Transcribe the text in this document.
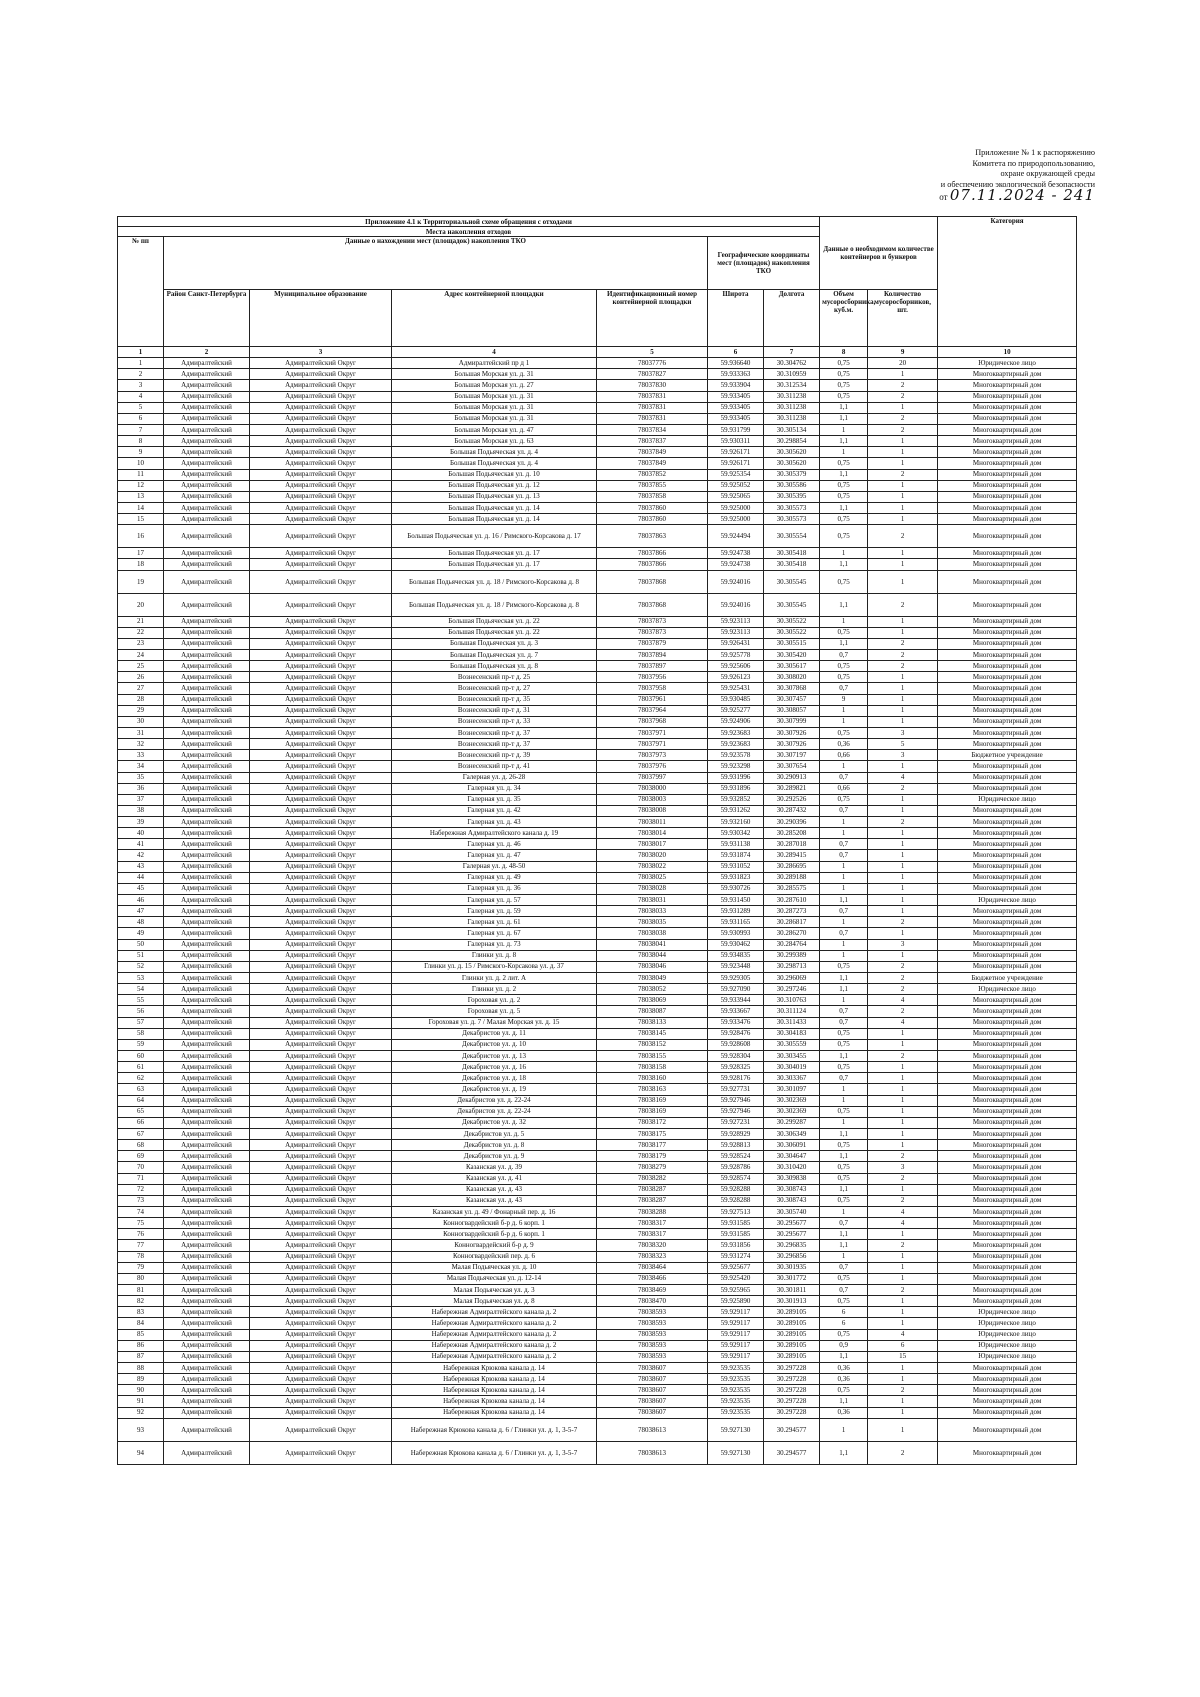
Приложение № 1 к распоряжению
Комитета по природопользованию,
охране окружающей среды
и обеспечению экологической безопасности
от 07.11.2024 - 241
Приложение 4.1 к Территориальной схеме обращения с отходами							Данные о необходимом количестве контейнеров и бункеров		Категория
Места накопления отходов									
№ пп	Данные о нахождении мест (площадок) накопления ТКО				Географические координаты мест (площадок) накопления ТКО				
	Район Санкт-Петербурга	Муниципальное образование	Адрес контейнерной площадки	Идентификационный номер контейнерной площадки	Широта	Долгота	Объем мусоросборника, куб.м.	Количество мусоросборников, шт.	
1	2	3	4	5	6	7	8	9	10
1	Адмиралтейский	Адмиралтейский Округ	Адмиралтейский пр д 1	78037776	59.936640	30.304762	0,75	20	Юридическое лицо
2	Адмиралтейский	Адмиралтейский Округ	Большая Морская ул. д. 31	78037827	59.933363	30.310959	0,75	1	Многоквартирный дом
3	Адмиралтейский	Адмиралтейский Округ	Большая Морская ул. д. 27	78037830	59.933904	30.312534	0,75	2	Многоквартирный дом
4	Адмиралтейский	Адмиралтейский Округ	Большая Морская ул. д. 31	78037831	59.933405	30.311238	0,75	2	Многоквартирный дом
5	Адмиралтейский	Адмиралтейский Округ	Большая Морская ул. д. 31	78037831	59.933405	30.311238	1,1	1	Многоквартирный дом
6	Адмиралтейский	Адмиралтейский Округ	Большая Морская ул. д. 31	78037831	59.933405	30.311238	1,1	2	Многоквартирный дом
7	Адмиралтейский	Адмиралтейский Округ	Большая Морская ул. д. 47	78037834	59.931799	30.305134	1	2	Многоквартирный дом
8	Адмиралтейский	Адмиралтейский Округ	Большая Морская ул. д. 63	78037837	59.930311	30.298854	1,1	1	Многоквартирный дом
9	Адмиралтейский	Адмиралтейский Округ	Большая Подьяческая ул. д. 4	78037849	59.926171	30.305620	1	1	Многоквартирный дом
10	Адмиралтейский	Адмиралтейский Округ	Большая Подьяческая ул. д. 4	78037849	59.926171	30.305620	0,75	1	Многоквартирный дом
11	Адмиралтейский	Адмиралтейский Округ	Большая Подьяческая ул. д. 10	78037852	59.925354	30.305379	1,1	2	Многоквартирный дом
12	Адмиралтейский	Адмиралтейский Округ	Большая Подьяческая ул. д. 12	78037855	59.925052	30.305586	0,75	1	Многоквартирный дом
13	Адмиралтейский	Адмиралтейский Округ	Большая Подьяческая ул. д. 13	78037858	59.925065	30.305395	0,75	1	Многоквартирный дом
14	Адмиралтейский	Адмиралтейский Округ	Большая Подьяческая ул. д. 14	78037860	59.925000	30.305573	1,1	1	Многоквартирный дом
15	Адмиралтейский	Адмиралтейский Округ	Большая Подьяческая ул. д. 14	78037860	59.925000	30.305573	0,75	1	Многоквартирный дом
16	Адмиралтейский	Адмиралтейский Округ	Большая Подьяческая ул. д. 16 / Римского-Корсакова д. 17	78037863	59.924494	30.305554	0,75	2	Многоквартирный дом
17	Адмиралтейский	Адмиралтейский Округ	Большая Подьяческая ул. д. 17	78037866	59.924738	30.305418	1	1	Многоквартирный дом
18	Адмиралтейский	Адмиралтейский Округ	Большая Подьяческая ул. д. 17	78037866	59.924738	30.305418	1,1	1	Многоквартирный дом
19	Адмиралтейский	Адмиралтейский Округ	Большая Подьяческая ул. д. 18 / Римского-Корсакова д. 8	78037868	59.924016	30.305545	0,75	1	Многоквартирный дом
20	Адмиралтейский	Адмиралтейский Округ	Большая Подьяческая ул. д. 18 / Римского-Корсакова д. 8	78037868	59.924016	30.305545	1,1	2	Многоквартирный дом
21	Адмиралтейский	Адмиралтейский Округ	Большая Подьяческая ул. д. 22	78037873	59.923113	30.305522	1	1	Многоквартирный дом
22	Адмиралтейский	Адмиралтейский Округ	Большая Подьяческая ул. д. 22	78037873	59.923113	30.305522	0,75	1	Многоквартирный дом
23	Адмиралтейский	Адмиралтейский Округ	Большая Подьяческая ул. д. 3	78037879	59.926431	30.305515	1,1	2	Многоквартирный дом
24	Адмиралтейский	Адмиралтейский Округ	Большая Подьяческая ул. д. 7	78037894	59.925778	30.305420	0,7	2	Многоквартирный дом
25	Адмиралтейский	Адмиралтейский Округ	Большая Подьяческая ул. д. 8	78037897	59.925606	30.305617	0,75	2	Многоквартирный дом
26	Адмиралтейский	Адмиралтейский Округ	Вознесенский пр-т д. 25	78037956	59.926123	30.308020	0,75	1	Многоквартирный дом
27	Адмиралтейский	Адмиралтейский Округ	Вознесенский пр-т д. 27	78037958	59.925431	30.307868	0,7	1	Многоквартирный дом
28	Адмиралтейский	Адмиралтейский Округ	Вознесенский пр-т д. 35	78037961	59.930485	30.307457	9	1	Многоквартирный дом
29	Адмиралтейский	Адмиралтейский Округ	Вознесенский пр-т д. 31	78037964	59.925277	30.308057	1	1	Многоквартирный дом
30	Адмиралтейский	Адмиралтейский Округ	Вознесенский пр-т д. 33	78037968	59.924906	30.307999	1	1	Многоквартирный дом
31	Адмиралтейский	Адмиралтейский Округ	Вознесенский пр-т д. 37	78037971	59.923683	30.307926	0,75	3	Многоквартирный дом
32	Адмиралтейский	Адмиралтейский Округ	Вознесенский пр-т д. 37	78037971	59.923683	30.307926	0,36	5	Многоквартирный дом
33	Адмиралтейский	Адмиралтейский Округ	Вознесенский пр-т д. 39	78037973	59.923578	30.307197	0,66	3	Бюджетное учреждение
34	Адмиралтейский	Адмиралтейский Округ	Вознесенский пр-т д. 41	78037976	59.923298	30.307654	1	1	Многоквартирный дом
35	Адмиралтейский	Адмиралтейский Округ	Галерная ул. д. 26-28	78037997	59.931996	30.290913	0,7	4	Многоквартирный дом
36	Адмиралтейский	Адмиралтейский Округ	Галерная ул. д. 34	78038000	59.931896	30.289821	0,66	2	Многоквартирный дом
37	Адмиралтейский	Адмиралтейский Округ	Галерная ул. д. 35	78038003	59.932852	30.292526	0,75	1	Юридическое лицо
38	Адмиралтейский	Адмиралтейский Округ	Галерная ул. д. 42	78038008	59.931262	30.287432	0,7	1	Многоквартирный дом
39	Адмиралтейский	Адмиралтейский Округ	Галерная ул. д. 43	78038011	59.932160	30.290396	1	2	Многоквартирный дом
40	Адмиралтейский	Адмиралтейский Округ	Набережная Адмиралтейского канала д. 19	78038014	59.930342	30.285208	1	1	Многоквартирный дом
41	Адмиралтейский	Адмиралтейский Округ	Галерная ул. д. 46	78038017	59.931138	30.287018	0,7	1	Многоквартирный дом
42	Адмиралтейский	Адмиралтейский Округ	Галерная ул. д. 47	78038020	59.931874	30.289415	0,7	1	Многоквартирный дом
43	Адмиралтейский	Адмиралтейский Округ	Галерная ул. д. 48-50	78038022	59.931052	30.286695	1	1	Многоквартирный дом
44	Адмиралтейский	Адмиралтейский Округ	Галерная ул. д. 49	78038025	59.931823	30.289188	1	1	Многоквартирный дом
45	Адмиралтейский	Адмиралтейский Округ	Галерная ул. д. 36	78038028	59.930726	30.285575	1	1	Многоквартирный дом
46	Адмиралтейский	Адмиралтейский Округ	Галерная ул. д. 57	78038031	59.931450	30.287610	1,1	1	Юридическое лицо
47	Адмиралтейский	Адмиралтейский Округ	Галерная ул. д. 59	78038033	59.931289	30.287273	0,7	1	Многоквартирный дом
48	Адмиралтейский	Адмиралтейский Округ	Галерная ул. д. 61	78038035	59.931165	30.286817	1	2	Многоквартирный дом
49	Адмиралтейский	Адмиралтейский Округ	Галерная ул. д. 67	78038038	59.930993	30.286270	0,7	1	Многоквартирный дом
50	Адмиралтейский	Адмиралтейский Округ	Галерная ул. д. 73	78038041	59.930462	30.284764	1	3	Многоквартирный дом
51	Адмиралтейский	Адмиралтейский Округ	Глинки ул. д. 8	78038044	59.934835	30.299389	1	1	Многоквартирный дом
52	Адмиралтейский	Адмиралтейский Округ	Глинки ул. д. 15 / Римского-Корсакова ул. д. 37	78038046	59.923448	30.298713	0,75	2	Многоквартирный дом
53	Адмиралтейский	Адмиралтейский Округ	Глинки ул. д. 2 лит. А	78038049	59.929305	30.296069	1,1	2	Бюджетное учреждение
54	Адмиралтейский	Адмиралтейский Округ	Глинки ул. д. 2	78038052	59.927090	30.297246	1,1	2	Юридическое лицо
55	Адмиралтейский	Адмиралтейский Округ	Гороховая ул. д. 2	78038069	59.933944	30.310763	1	4	Многоквартирный дом
56	Адмиралтейский	Адмиралтейский Округ	Гороховая ул. д. 5	78038087	59.933667	30.311124	0,7	2	Многоквартирный дом
57	Адмиралтейский	Адмиралтейский Округ	Гороховая ул. д. 7 / Малая Морская ул. д. 15	78038133	59.933476	30.311433	0,7	4	Многоквартирный дом
58	Адмиралтейский	Адмиралтейский Округ	Декабристов ул. д. 11	78038145	59.928476	30.304183	0,75	1	Многоквартирный дом
59	Адмиралтейский	Адмиралтейский Округ	Декабристов ул. д. 10	78038152	59.928608	30.305559	0,75	1	Многоквартирный дом
60	Адмиралтейский	Адмиралтейский Округ	Декабристов ул. д. 13	78038155	59.928304	30.303455	1,1	2	Многоквартирный дом
61	Адмиралтейский	Адмиралтейский Округ	Декабристов ул. д. 16	78038158	59.928325	30.304019	0,75	1	Многоквартирный дом
62	Адмиралтейский	Адмиралтейский Округ	Декабристов ул. д. 18	78038160	59.928176	30.303367	0,7	1	Многоквартирный дом
63	Адмиралтейский	Адмиралтейский Округ	Декабристов ул. д. 19	78038163	59.927731	30.301097	1	1	Многоквартирный дом
64	Адмиралтейский	Адмиралтейский Округ	Декабристов ул. д. 22-24	78038169	59.927946	30.302369	1	1	Многоквартирный дом
65	Адмиралтейский	Адмиралтейский Округ	Декабристов ул. д. 22-24	78038169	59.927946	30.302369	0,75	1	Многоквартирный дом
66	Адмиралтейский	Адмиралтейский Округ	Декабристов ул. д. 32	78038172	59.927231	30.299287	1	1	Многоквартирный дом
67	Адмиралтейский	Адмиралтейский Округ	Декабристов ул. д. 5	78038175	59.928929	30.306349	1,1	1	Многоквартирный дом
68	Адмиралтейский	Адмиралтейский Округ	Декабристов ул. д. 8	78038177	59.928813	30.306091	0,75	1	Многоквартирный дом
69	Адмиралтейский	Адмиралтейский Округ	Декабристов ул. д. 9	78038179	59.928524	30.304647	1,1	2	Многоквартирный дом
70	Адмиралтейский	Адмиралтейский Округ	Казанская ул. д. 39	78038279	59.928786	30.310420	0,75	3	Многоквартирный дом
71	Адмиралтейский	Адмиралтейский Округ	Казанская ул. д. 41	78038282	59.928574	30.309838	0,75	2	Многоквартирный дом
72	Адмиралтейский	Адмиралтейский Округ	Казанская ул. д. 43	78038287	59.928288	30.308743	1,1	1	Многоквартирный дом
73	Адмиралтейский	Адмиралтейский Округ	Казанская ул. д. 43	78038287	59.928288	30.308743	0,75	2	Многоквартирный дом
74	Адмиралтейский	Адмиралтейский Округ	Казанская ул. д. 49 / Фонарный пер. д. 16	78038288	59.927513	30.305740	1	4	Многоквартирный дом
75	Адмиралтейский	Адмиралтейский Округ	Конногвардейский б-р д. 6 корп. 1	78038317	59.931585	30.295677	0,7	4	Многоквартирный дом
76	Адмиралтейский	Адмиралтейский Округ	Конногвардейский б-р д. 6 корп. 1	78038317	59.931585	30.295677	1,1	1	Многоквартирный дом
77	Адмиралтейский	Адмиралтейский Округ	Конногвардейский б-р д. 9	78038320	59.931856	30.296835	1,1	2	Многоквартирный дом
78	Адмиралтейский	Адмиралтейский Округ	Конногвардейский пер. д. 6	78038323	59.931274	30.296856	1	1	Многоквартирный дом
79	Адмиралтейский	Адмиралтейский Округ	Малая Подьяческая ул. д. 10	78038464	59.925677	30.301935	0,7	1	Многоквартирный дом
80	Адмиралтейский	Адмиралтейский Округ	Малая Подьяческая ул. д. 12-14	78038466	59.925420	30.301772	0,75	1	Многоквартирный дом
81	Адмиралтейский	Адмиралтейский Округ	Малая Подьяческая ул. д. 3	78038469	59.925965	30.301811	0,7	2	Многоквартирный дом
82	Адмиралтейский	Адмиралтейский Округ	Малая Подьяческая ул. д. 8	78038470	59.925890	30.301913	0,75	1	Многоквартирный дом
83	Адмиралтейский	Адмиралтейский Округ	Набережная Адмиралтейского канала д. 2	78038593	59.929117	30.289105	6	1	Юридическое лицо
84	Адмиралтейский	Адмиралтейский Округ	Набережная Адмиралтейского канала д. 2	78038593	59.929117	30.289105	6	1	Юридическое лицо
85	Адмиралтейский	Адмиралтейский Округ	Набережная Адмиралтейского канала д. 2	78038593	59.929117	30.289105	0,75	4	Юридическое лицо
86	Адмиралтейский	Адмиралтейский Округ	Набережная Адмиралтейского канала д. 2	78038593	59.929117	30.289105	0,9	6	Юридическое лицо
87	Адмиралтейский	Адмиралтейский Округ	Набережная Адмиралтейского канала д. 2	78038593	59.929117	30.289105	1,1	15	Юридическое лицо
88	Адмиралтейский	Адмиралтейский Округ	Набережная Крюкова канала д. 14	78038607	59.923535	30.297228	0,36	1	Многоквартирный дом
89	Адмиралтейский	Адмиралтейский Округ	Набережная Крюкова канала д. 14	78038607	59.923535	30.297228	0,36	1	Многоквартирный дом
90	Адмиралтейский	Адмиралтейский Округ	Набережная Крюкова канала д. 14	78038607	59.923535	30.297228	0,75	2	Многоквартирный дом
91	Адмиралтейский	Адмиралтейский Округ	Набережная Крюкова канала д. 14	78038607	59.923535	30.297228	1,1	1	Многоквартирный дом
92	Адмиралтейский	Адмиралтейский Округ	Набережная Крюкова канала д. 14	78038607	59.923535	30.297228	0,36	1	Многоквартирный дом
93	Адмиралтейский	Адмиралтейский Округ	Набережная Крюкова канала д. 6 / Глинки ул. д. 1, 3-5-7	78038613	59.927130	30.294577	1	1	Многоквартирный дом
94	Адмиралтейский	Адмиралтейский Округ	Набережная Крюкова канала д. 6 / Глинки ул. д. 1, 3-5-7	78038613	59.927130	30.294577	1,1	2	Многоквартирный дом
